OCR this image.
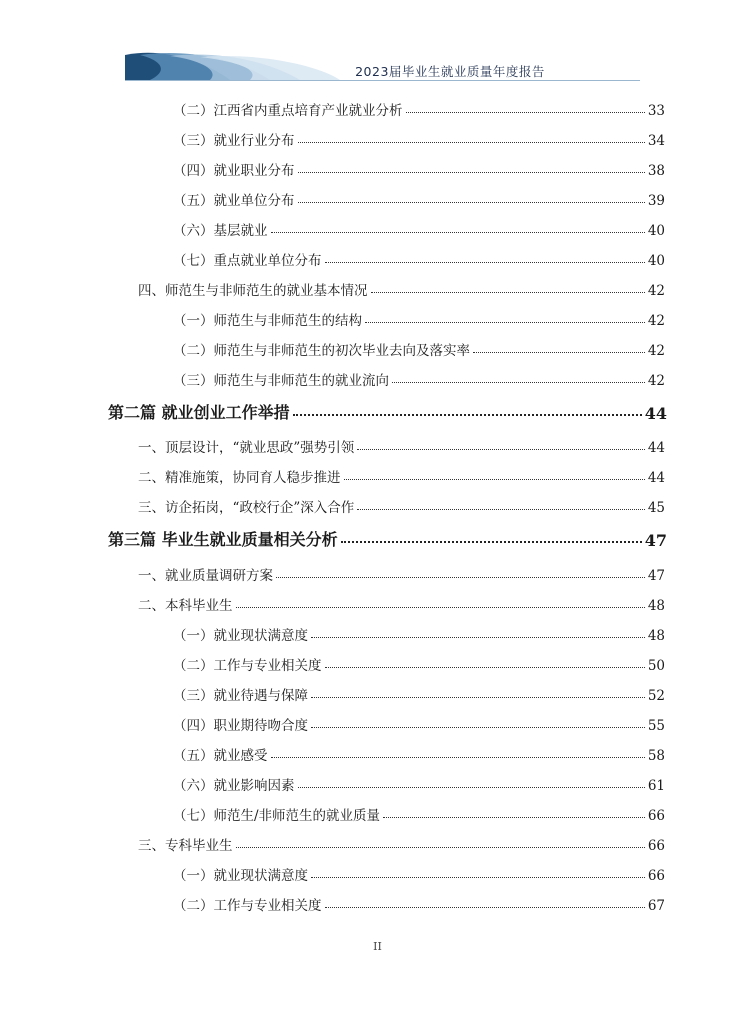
2023届毕业生就业质量年度报告
（二）江西省内重点培育产业就业分析	33
（三）就业行业分布	34
（四）就业职业分布	38
（五）就业单位分布	39
（六）基层就业	40
（七）重点就业单位分布	40
四、师范生与非师范生的就业基本情况	42
（一）师范生与非师范生的结构	42
（二）师范生与非师范生的初次毕业去向及落实率	42
（三）师范生与非师范生的就业流向	42
第二篇 就业创业工作举措	44
一、顶层设计，“就业思政”强势引领	44
二、精准施策，协同育人稳步推进	44
三、访企拓岗，“政校行企”深入合作	45
第三篇 毕业生就业质量相关分析	47
一、就业质量调研方案	47
二、本科毕业生	48
（一）就业现状满意度	48
（二）工作与专业相关度	50
（三）就业待遇与保障	52
（四）职业期待吻合度	55
（五）就业感受	58
（六）就业影响因素	61
（七）师范生/非师范生的就业质量	66
三、专科毕业生	66
（一）就业现状满意度	66
（二）工作与专业相关度	67
II
